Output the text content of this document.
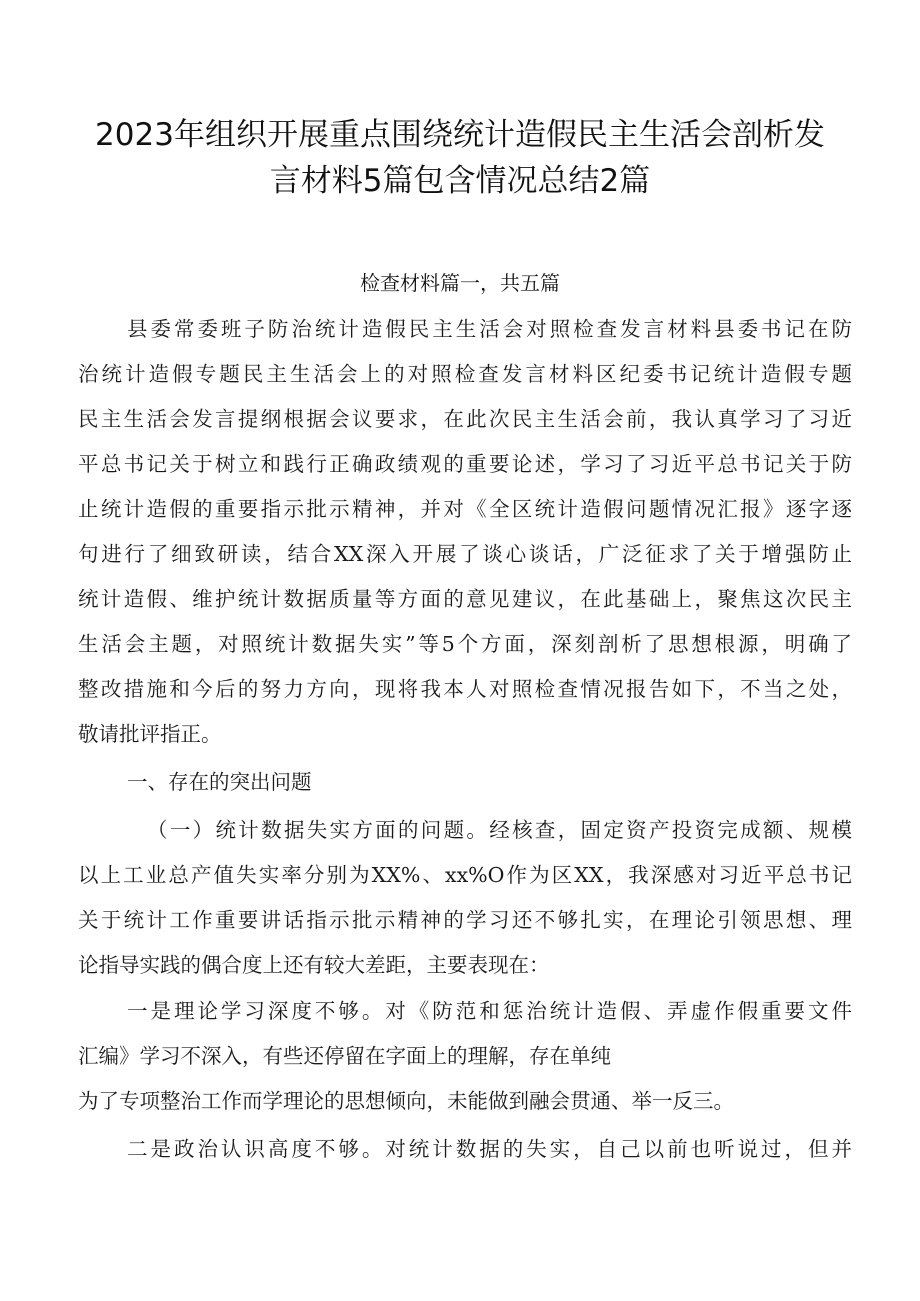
2023年组织开展重点围绕统计造假民主生活会剖析发
言材料5篇包含情况总结2篇
检查材料篇一，共五篇
县委常委班子防治统计造假民主生活会对照检查发言材料县委书记在防
治统计造假专题民主生活会上的对照检查发言材料区纪委书记统计造假专题
民主生活会发言提纲根据会议要求，在此次民主生活会前，我认真学习了习近
平总书记关于树立和践行正确政绩观的重要论述，学习了习近平总书记关于防
止统计造假的重要指示批示精神，并对《全区统计造假问题情况汇报》逐字逐
句进行了细致研读，结合XX深入开展了谈心谈话，广泛征求了关于增强防止
统计造假、维护统计数据质量等方面的意见建议，在此基础上，聚焦这次民主
生活会主题，对照统计数据失实”等5个方面，深刻剖析了思想根源，明确了
整改措施和今后的努力方向，现将我本人对照检查情况报告如下，不当之处，
敬请批评指正。
一、存在的突出问题
（一）统计数据失实方面的问题。经核查，固定资产投资完成额、规模
以上工业总产值失实率分别为XX%、xx%O作为区XX，我深感对习近平总书记
关于统计工作重要讲话指示批示精神的学习还不够扎实，在理论引领思想、理
论指导实践的偶合度上还有较大差距，主要表现在：
一是理论学习深度不够。对《防范和惩治统计造假、弄虚作假重要文件
汇编》学习不深入，有些还停留在字面上的理解，存在单纯
为了专项整治工作而学理论的思想倾向，未能做到融会贯通、举一反三。
二是政治认识高度不够。对统计数据的失实，自己以前也听说过，但并
